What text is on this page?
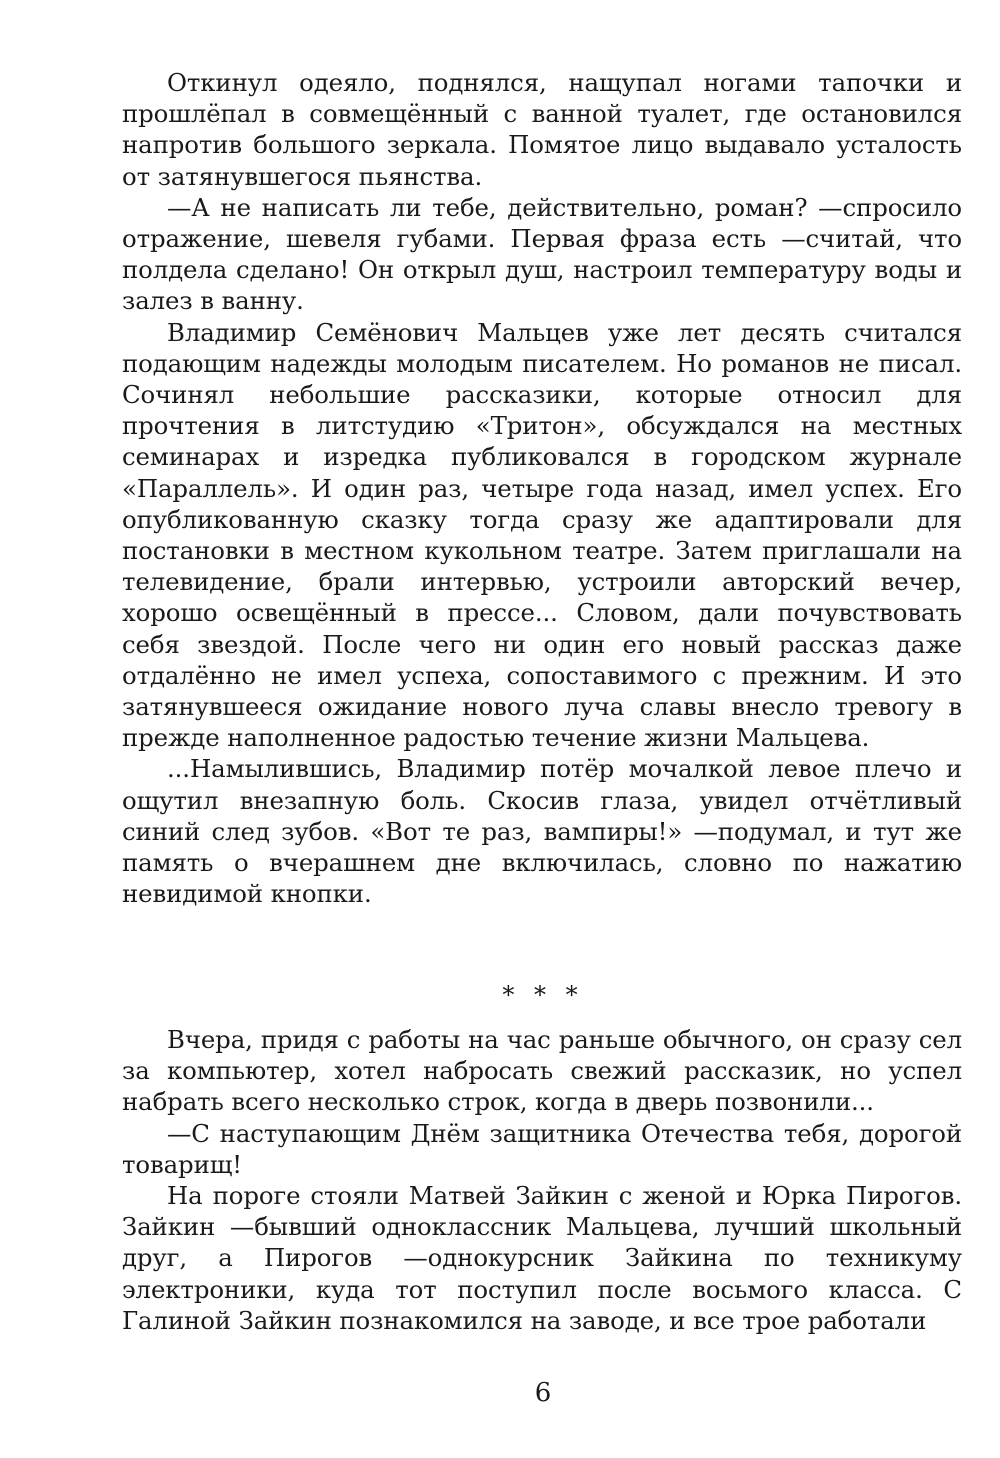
Откинул одеяло, поднялся, нащупал ногами тапочки и прошлёпал в совмещённый с ванной туалет, где остановился напротив большого зеркала. Помятое лицо выдавало усталость от затянувшегося пьянства.

—А не написать ли тебе, действительно, роман? —спросило отражение, шевеля губами. Первая фраза есть —считай, что полдела сделано! Он открыл душ, настроил температуру воды и залез в ванну.

Владимир Семёнович Мальцев уже лет десять считался подающим надежды молодым писателем. Но романов не писал. Сочинял небольшие рассказики, которые относил для прочтения в литстудию «Тритон», обсуждался на местных семинарах и изредка публиковался в городском журнале «Параллель». И один раз, четыре года назад, имел успех. Его опубликованную сказку тогда сразу же адаптировали для постановки в местном кукольном театре. Затем приглашали на телевидение, брали интервью, устроили авторский вечер, хорошо освещённый в прессе... Словом, дали почувствовать себя звездой. После чего ни один его новый рассказ даже отдалённо не имел успеха, сопоставимого с прежним. И это затянувшееся ожидание нового луча славы внесло тревогу в прежде наполненное радостью течение жизни Мальцева.

...Намылившись, Владимир потёр мочалкой левое плечо и ощутил внезапную боль. Скосив глаза, увидел отчётливый синий след зубов. «Вот те раз, вампиры!» —подумал, и тут же память о вчерашнем дне включилась, словно по нажатию невидимой кнопки.

* * *

Вчера, придя с работы на час раньше обычного, он сразу сел за компьютер, хотел набросать свежий рассказик, но успел набрать всего несколько строк, когда в дверь позвонили...

—С наступающим Днём защитника Отечества тебя, дорогой товарищ!

На пороге стояли Матвей Зайкин с женой и Юрка Пирогов. Зайкин —бывший одноклассник Мальцева, лучший школьный друг, а Пирогов —однокурсник Зайкина по техникуму электроники, куда тот поступил после восьмого класса. С Галиной Зайкин познакомился на заводе, и все трое работали

6
